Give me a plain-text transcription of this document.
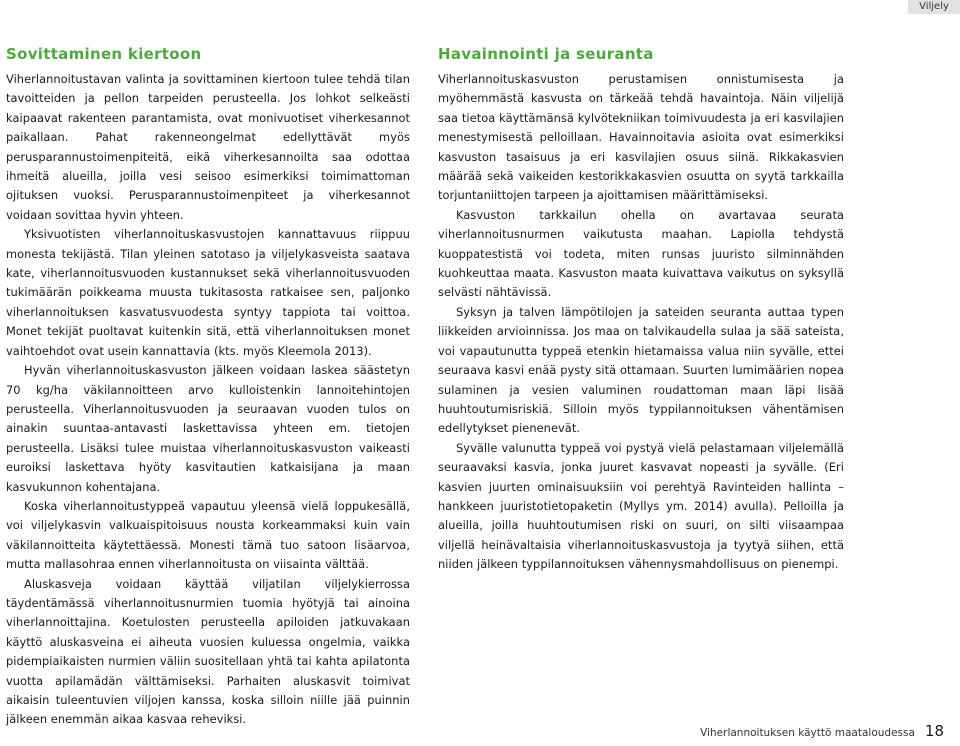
Viljely
Sovittaminen kiertoon

Viherlannoitustavan valinta ja sovittaminen kiertoon tulee tehdä tilan tavoitteiden ja pellon tarpeiden perusteella. Jos lohkot selkeästi kaipaavat rakenteen parantamista, ovat monivuotiset viherkesannot paikallaan. Pahat rakenneongelmat edellyttävät myös perusparannustoimenpiteitä, eikä viherkesannoilta saa odottaa ihmeitä alueilla, joilla vesi seisoo esimerkiksi toimimattoman ojituksen vuoksi. Perusparannustoimenpiteet ja viherkesannot voidaan sovittaa hyvin yhteen.

Yksivuotisten viherlannoituskasvustojen kannattavuus riippuu monesta tekijästä. Tilan yleinen satotaso ja viljelykasveista saatava kate, viherlannoitusvuoden kustannukset sekä viherlannoitusvuoden tukimäärän poikkeama muusta tukitasosta ratkaisee sen, paljonko viherlannoituksen kasvatusvuodesta syntyy tappiota tai voittoa. Monet tekijät puoltavat kuitenkin sitä, että viherlannoituksen monet vaihtoehdot ovat usein kannattavia (kts. myös Kleemola 2013).

Hyvän viherlannoituskasvuston jälkeen voidaan laskea säästetyn 70 kg/ha väkilannoitteen arvo kulloistenkin lannoitehintojen perusteella. Viherlannoitusvuoden ja seuraavan vuoden tulos on ainakin suuntaa-antavasti laskettavissa yhteen em. tietojen perusteella. Lisäksi tulee muistaa viherlannoituskasvuston vaikeasti euroiksi laskettava hyöty kasvitautien katkaisijana ja maan kasvukunnon kohentajana.

Koska viherlannoitustyppeä vapautuu yleensä vielä loppukesällä, voi viljelykasvin valkuaispitoisuus nousta korkeammaksi kuin vain väkilannoitteita käytettäessä. Monesti tämä tuo satoon lisäarvoa, mutta mallasohraa ennen viherlannoitusta on viisainta välttää.

Aluskasveja voidaan käyttää viljatilan viljelykierrossa täydentämässä viherlannoitusnurmien tuomia hyötyjä tai ainoina viherlannoittajina. Koetulosten perusteella apiloiden jatkuvakaan käyttö aluskasveina ei aiheuta vuosien kuluessa ongelmia, vaikka pidempiaikaisten nurmien väliin suositellaan yhtä tai kahta apilatonta vuotta apilamädän välttämiseksi. Parhaiten aluskasvit toimivat aikaisin tuleentuvien viljojen kanssa, koska silloin niille jää puinnin jälkeen enemmän aikaa kasvaa reheviksi.

Havainnointi ja seuranta

Viherlannoituskasvuston perustamisen onnistumisesta ja myöhemmästä kasvusta on tärkeää tehdä havaintoja. Näin viljelijä saa tietoa käyttämänsä kylvötekniikan toimivuudesta ja eri kasvilajien menestymisestä pelloillaan. Havainnoitavia asioita ovat esimerkiksi kasvuston tasaisuus ja eri kasvilajien osuus siinä. Rikkakasvien määrää sekä vaikeiden kestorikkakasvien osuutta on syytä tarkkailla torjuntaniittojen tarpeen ja ajoittamisen määrittämiseksi.

Kasvuston tarkkailun ohella on avartavaa seurata viherlannoitusnurmen vaikutusta maahan. Lapiolla tehdystä kuoppatestistä voi todeta, miten runsas juuristo silminnähden kuohkeuttaa maata. Kasvuston maata kuivattava vaikutus on syksyllä selvästi nähtävissä.

Syksyn ja talven lämpötilojen ja sateiden seuranta auttaa typen liikkeiden arvioinnissa. Jos maa on talvikaudella sulaa ja sää sateista, voi vapautunutta typpeä etenkin hietamaissa valua niin syvälle, ettei seuraava kasvi enää pysty sitä ottamaan. Suurten lumimäärien nopea sulaminen ja vesien valuminen roudattoman maan läpi lisää huuhtoutumisriskiä. Silloin myös typpilannoituksen vähentämisen edellytykset pienenevät.

Syvälle valunutta typpeä voi pystyä vielä pelastamaan viljelemällä seuraavaksi kasvia, jonka juuret kasvavat nopeasti ja syvälle. (Eri kasvien juurten ominaisuuksiin voi perehtyä Ravinteiden hallinta –hankkeen juuristotietopaketin (Myllys ym. 2014) avulla). Pelloilla ja alueilla, joilla huuhtoutumisen riski on suuri, on silti viisaampaa viljellä heinävaltaisia viherlannoituskasvustoja ja tyytyä siihen, että niiden jälkeen typpilannoituksen vähennysmahdollisuus on pienempi.

Viherlannoituksen käyttö maataloudessa 18
